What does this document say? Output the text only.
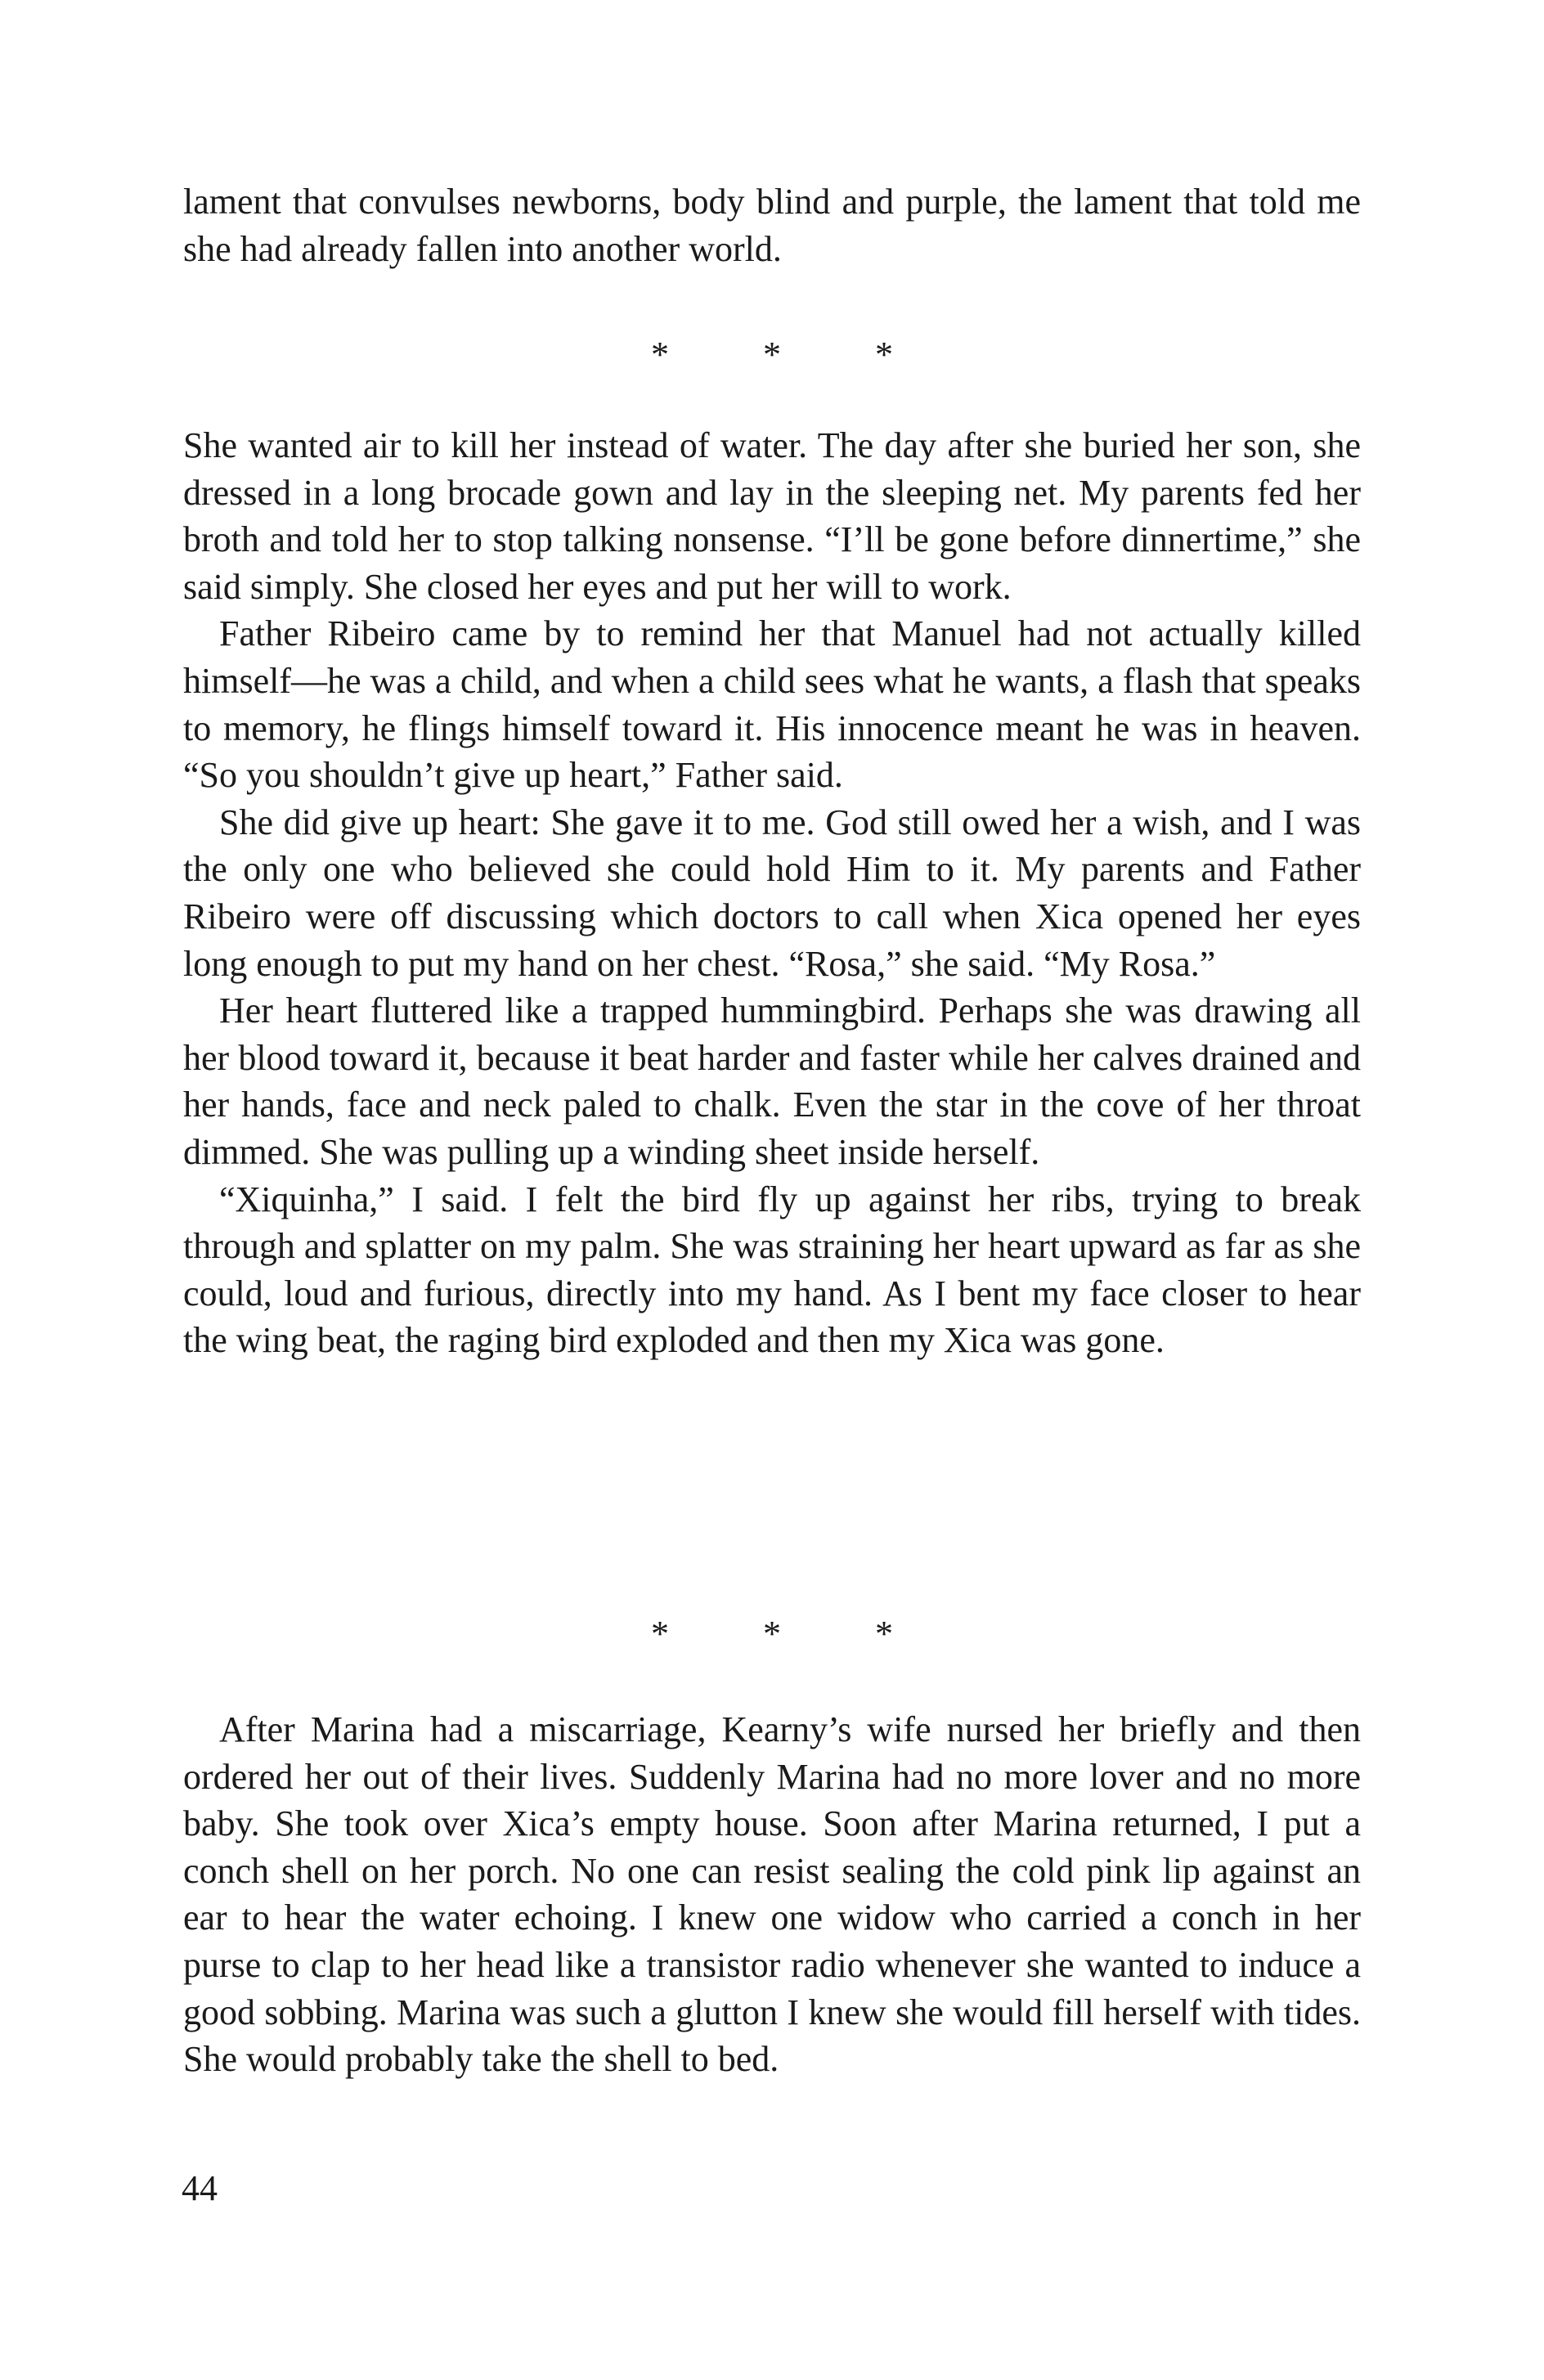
lament that convulses newborns, body blind and purple, the lament that told me she had already fallen into another world.

* * *

She wanted air to kill her instead of water. The day after she buried her son, she dressed in a long brocade gown and lay in the sleeping net. My parents fed her broth and told her to stop talking nonsense. “I’ll be gone before dinnertime,” she said simply. She closed her eyes and put her will to work.

Father Ribeiro came by to remind her that Manuel had not actually killed himself—he was a child, and when a child sees what he wants, a flash that speaks to memory, he flings himself toward it. His innocence meant he was in heaven. “So you shouldn’t give up heart,” Father said.

She did give up heart: She gave it to me. God still owed her a wish, and I was the only one who believed she could hold Him to it. My parents and Father Ribeiro were off discussing which doctors to call when Xica opened her eyes long enough to put my hand on her chest. “Rosa,” she said. “My Rosa.”

Her heart fluttered like a trapped hummingbird. Perhaps she was drawing all her blood toward it, because it beat harder and faster while her calves drained and her hands, face and neck paled to chalk. Even the star in the cove of her throat dimmed. She was pulling up a winding sheet inside herself.

“Xiquinha,” I said. I felt the bird fly up against her ribs, trying to break through and splatter on my palm. She was straining her heart upward as far as she could, loud and furious, directly into my hand. As I bent my face closer to hear the wing beat, the raging bird exploded and then my Xica was gone.

* * *

After Marina had a miscarriage, Kearny’s wife nursed her briefly and then ordered her out of their lives. Suddenly Marina had no more lover and no more baby. She took over Xica’s empty house. Soon after Marina returned, I put a conch shell on her porch. No one can resist sealing the cold pink lip against an ear to hear the water echoing. I knew one widow who carried a conch in her purse to clap to her head like a transistor radio whenever she wanted to induce a good sobbing. Marina was such a glutton I knew she would fill herself with tides. She would probably take the shell to bed.

44
